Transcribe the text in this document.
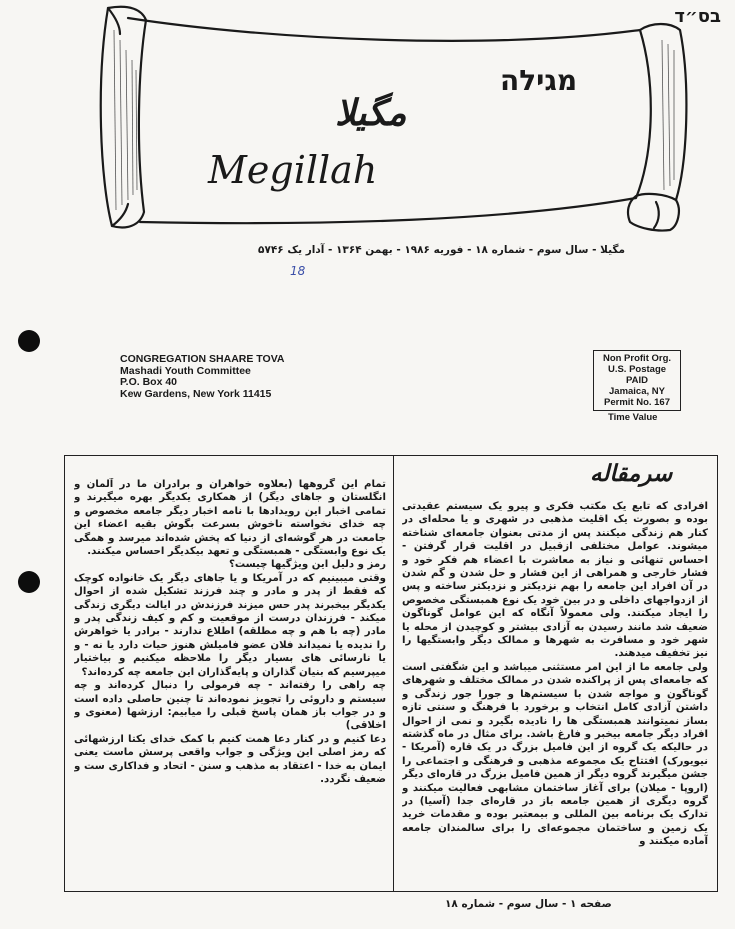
בס״ד
מגילה
مگیلا
Megillah
مگیلا - سال سوم - شماره ۱۸ - فوریه ۱۹۸۶ - بهمن ۱۳۶۴ - آدار یک ۵۷۴۶
18
CONGREGATION SHAARE TOVA
Mashadi Youth Committee
P.O. Box 40
Kew Gardens, New York 11415
Non Profit Org.
U.S. Postage
PAID
Jamaica, NY
Permit No. 167
Time Value
سرمقاله

افرادی که تابع یک مکتب فکری و پیرو یک سیستم عقیدتی بوده و بصورت یک اقلیت مذهبی در شهری و یا محله‌ای در کنار هم زندگی میکنند پس از مدتی بعنوان جامعه‌ای شناخته میشوند. عوامل مختلفی ازقبیل در اقلیت قرار گرفتن - احساس تنهائی و نیاز به معاشرت با اعضاء هم فکر خود و فشار خارجی و همراهی از این فشار و حل شدن و گم شدن در آن افراد این جامعه را بهم نزدیکتر و نزدیکتر ساخته و پس از ازدواجهای داخلی و در بین خود یک نوع همبستگی مخصوص را ایجاد میکنند. ولی معمولاً آنگاه که این عوامل گوناگون ضعیف شد مانند رسیدن به آزادی بیشتر و کوچیدن از محله یا شهر خود و مسافرت به شهرها و ممالک دیگر وابستگیها را نیز تخفیف میدهند.

ولی جامعه ما از این امر مستثنی میباشد و این شگفتی است که جامعه‌ای پس از پراکنده شدن در ممالک مختلف و شهرهای گوناگون و مواجه شدن با سیستم‌ها و جورا جور زندگی و داشتن آزادی کامل انتخاب و برخورد با فرهنگ و سنتی تازه بساز نمیتوانند همبستگی ها را نادیده بگیرد و نمی از احوال افراد دیگر جامعه بیخبر و فارغ باشد. برای مثال در ماه گذشته در حالیکه یک گروه از این فامیل بزرگ در یک قاره (آمریکا - نیویورک) افتتاح یک مجموعه مذهبی و فرهنگی و اجتماعی را جشن میگیرند گروه دیگر از همین فامیل بزرگ در قاره‌ای دیگر (اروپا - میلان) برای آغاز ساختمان مشابهی فعالیت میکنند و گروه دیگری از همین جامعه باز در قاره‌ای جدا (آسیا) در تدارک یک برنامه بین المللی و بیمعتبر بوده و مقدمات خرید یک زمین و ساختمان مجموعه‌ای را برای سالمندان جامعه آماده میکنند و

تمام این گروهها (بعلاوه خواهران و برادران ما در آلمان و انگلستان و جاهای دیگر) از همکاری یکدیگر بهره میگیرند و تمامی اخبار این رویدادها با نامه اخبار دیگر جامعه مخصوص و چه خدای نخواسته ناخوش بسرعت بگوش بقیه اعضاء این جامعت در هر گوشه‌ای از دنیا که پخش شده‌اند میرسد و همگی یک نوع وابستگی - همبستگی و تعهد بیکدیگر احساس میکنند.

رمز و دلیل این ویژگیها چیست؟

وقتی میبینیم که در آمریکا و یا جاهای دیگر یک خانواده کوچک که فقط از پدر و مادر و چند فرزند تشکیل شده از احوال یکدیگر بیخبرند پدر حس میزند فرزندش در ایالت دیگری زندگی میکند - فرزندان درست از موقعیت و کم و کیف زندگی پدر و مادر (چه با هم و چه مطلقه) اطلاع ندارند - برادر یا خواهرش را ندیده یا نمیداند فلان عضو فامیلش هنوز حیات دارد یا نه - و یا نارسائی های بسیار دیگر را ملاحظه میکنیم و بیاختیار میپرسیم که بنیان گذاران و پایه‌گذاران این جامعه چه کرده‌اند؟

چه راهی را رفته‌اند - چه فرمولی را دنبال کرده‌اند و چه سیستم و داروئی را تجویز نموده‌اند تا چنین حاصلی داده است و در جواب باز همان پاسخ قبلی را میابیم: ارزشها (معنوی و اخلاقی)

دعا کنیم و در کنار دعا همت کنیم با کمک خدای یکتا ارزشهائی که رمز اصلی این ویژگی و جواب واقعی پرسش ماست یعنی ایمان به خدا - اعتقاد به مذهب و سنن - اتحاد و فداکاری ست و ضعیف نگردد.

صفحه ۱ - سال سوم - شماره ۱۸
